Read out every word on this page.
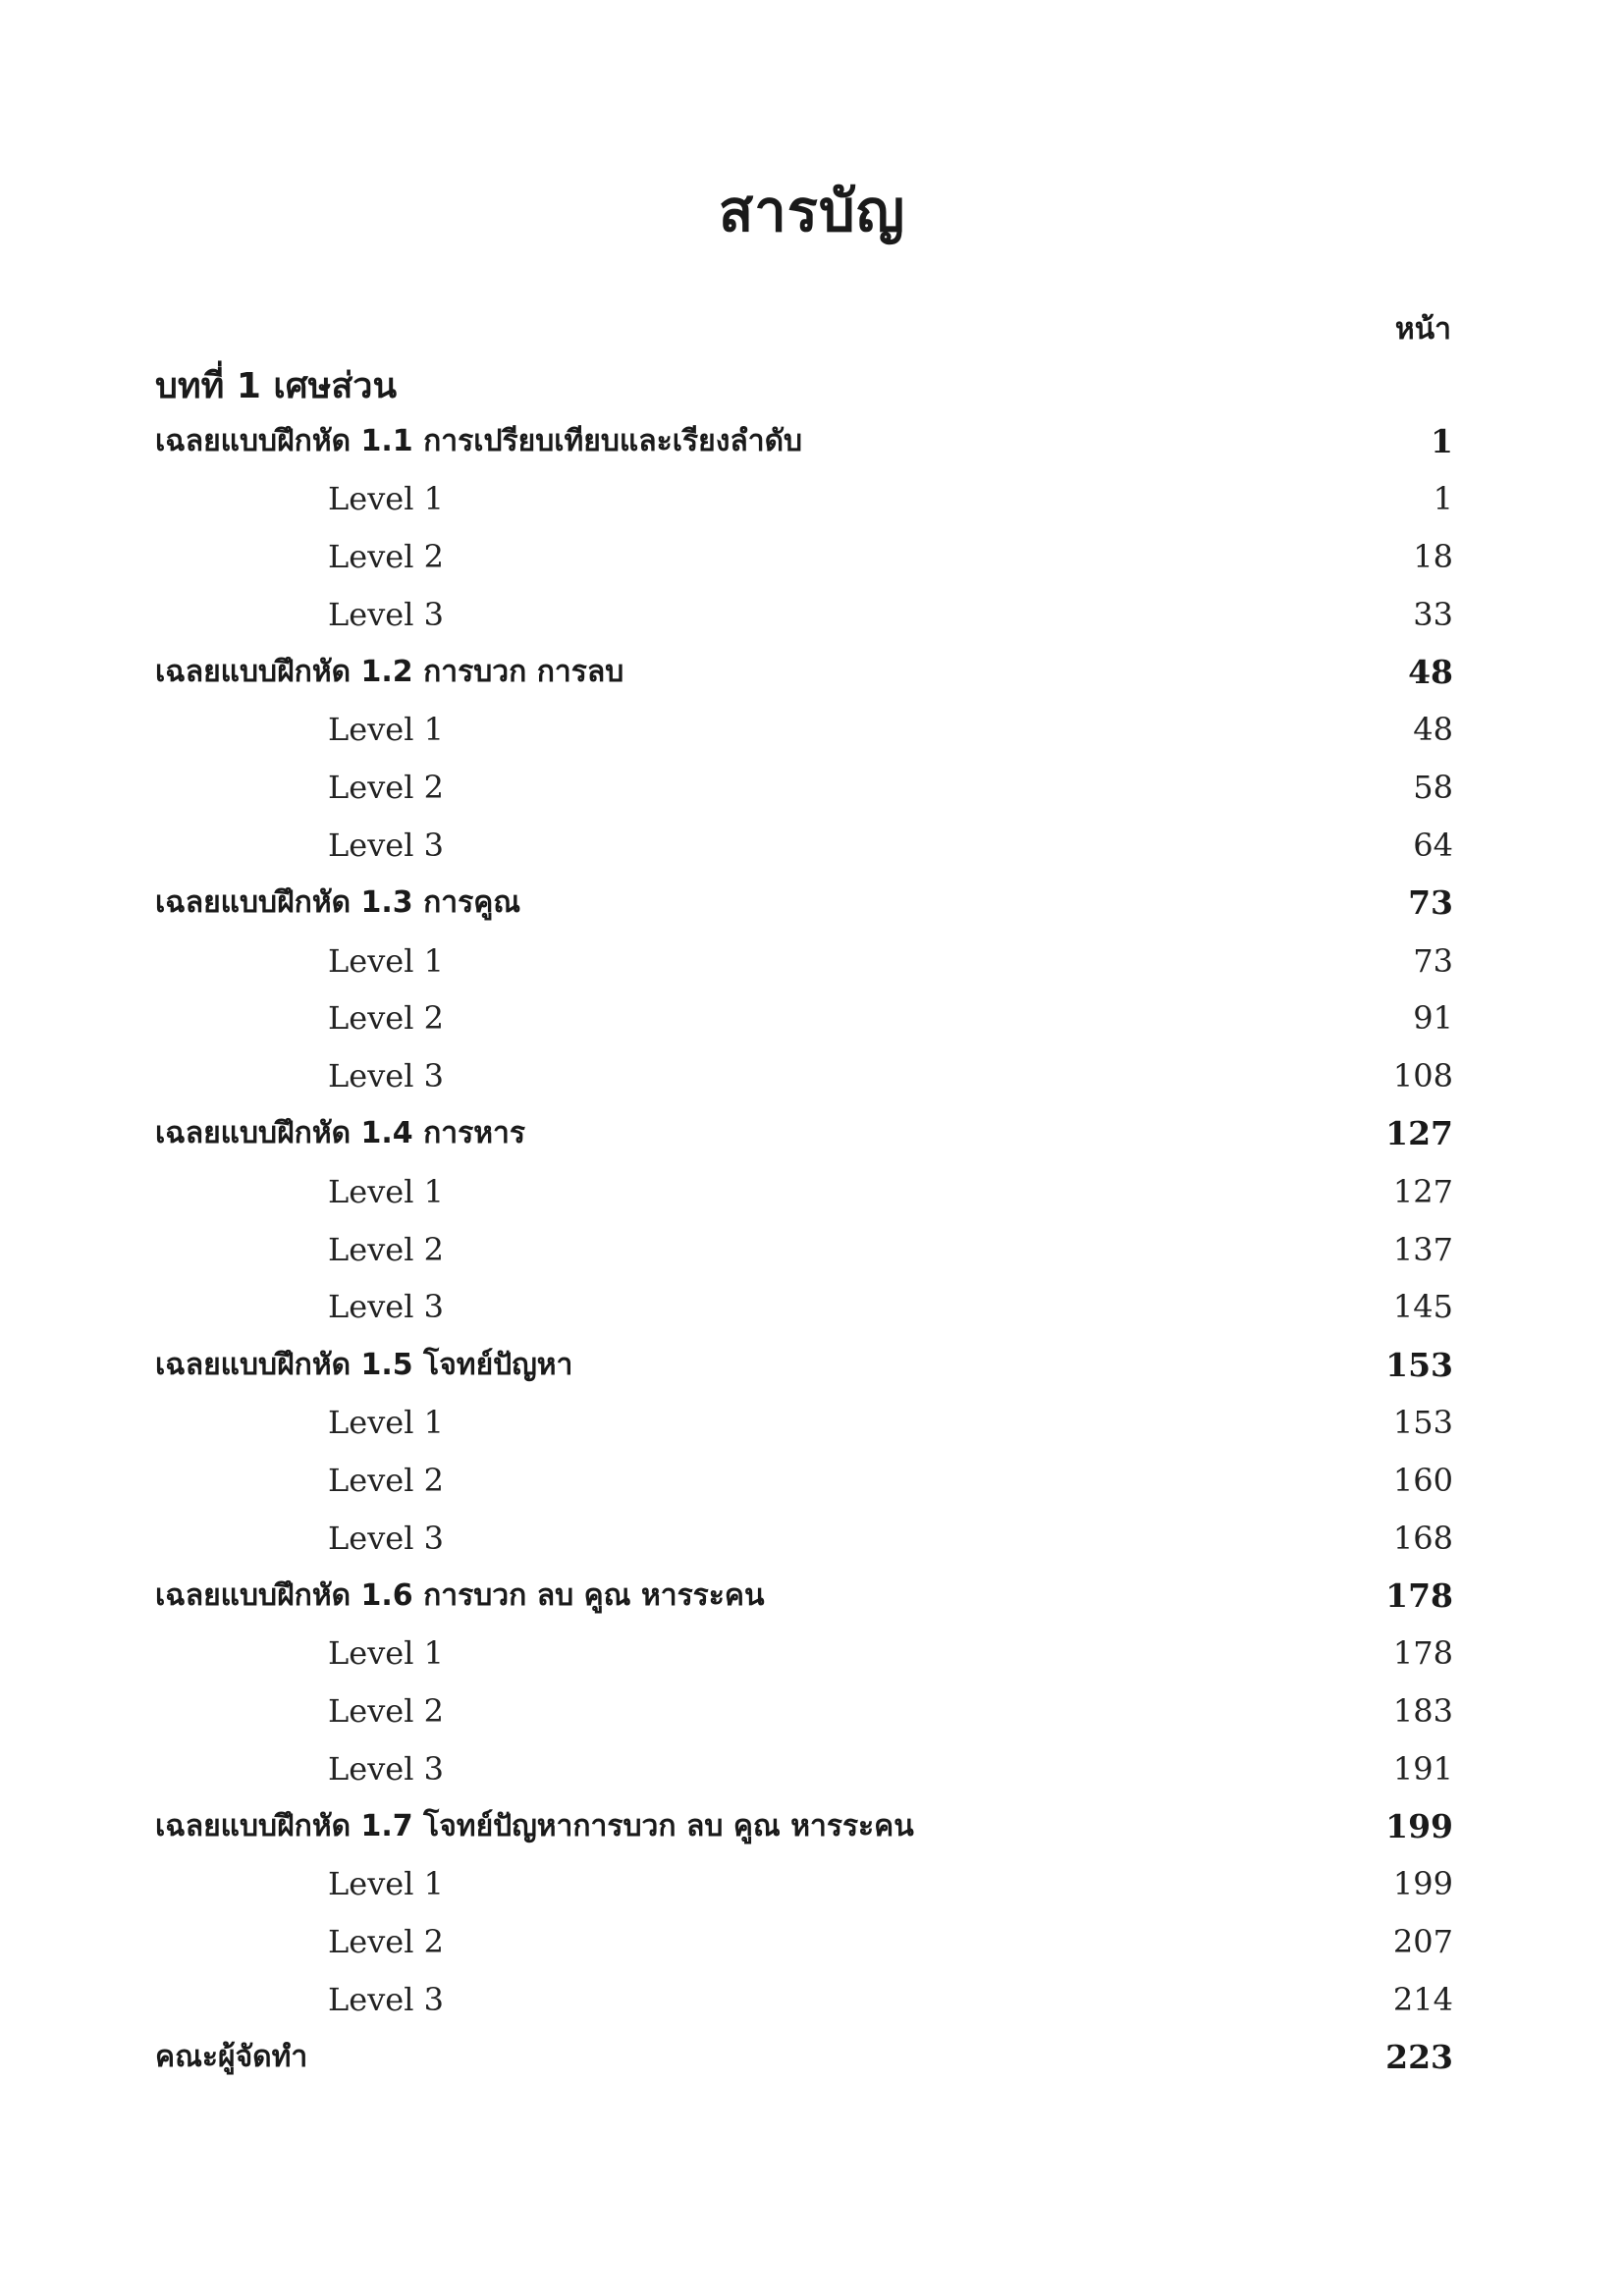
สารบัญ
หน้า
บทที่ 1 เศษส่วน
เฉลยแบบฝึกหัด 1.1 การเปรียบเทียบและเรียงลำดับ	1
Level 1	1
Level 2	18
Level 3	33
เฉลยแบบฝึกหัด 1.2 การบวก การลบ	48
Level 1	48
Level 2	58
Level 3	64
เฉลยแบบฝึกหัด 1.3 การคูณ	73
Level 1	73
Level 2	91
Level 3	108
เฉลยแบบฝึกหัด 1.4 การหาร	127
Level 1	127
Level 2	137
Level 3	145
เฉลยแบบฝึกหัด 1.5 โจทย์ปัญหา	153
Level 1	153
Level 2	160
Level 3	168
เฉลยแบบฝึกหัด 1.6 การบวก ลบ คูณ หารระคน	178
Level 1	178
Level 2	183
Level 3	191
เฉลยแบบฝึกหัด 1.7 โจทย์ปัญหาการบวก ลบ คูณ หารระคน	199
Level 1	199
Level 2	207
Level 3	214
คณะผู้จัดทำ	223
